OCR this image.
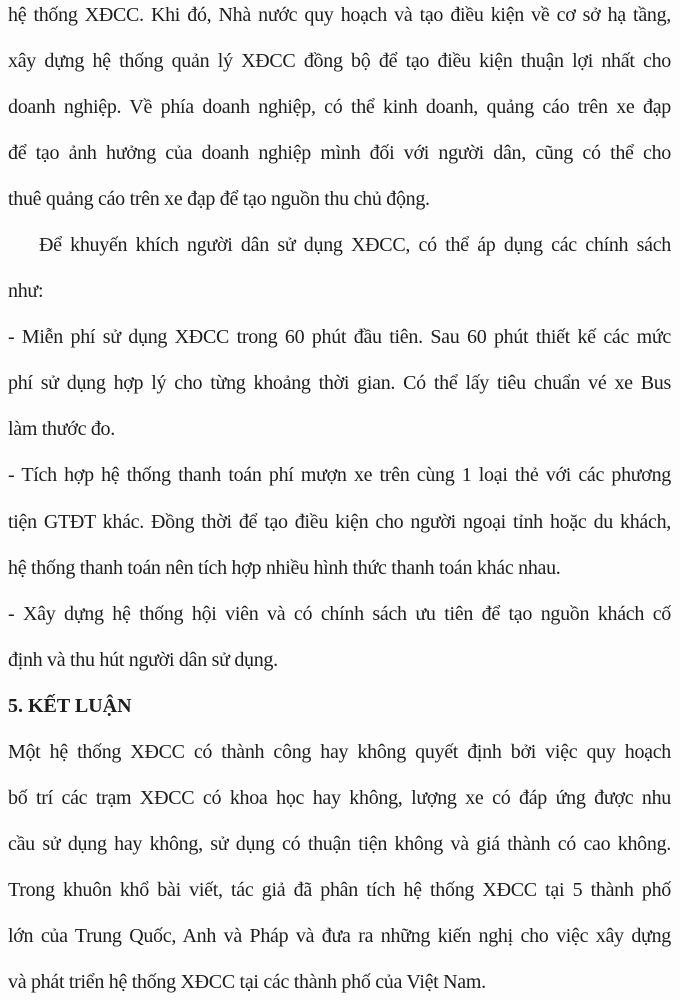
hệ thống XĐCC. Khi đó, Nhà nước quy hoạch và tạo điều kiện về cơ sở hạ tầng,
xây dựng hệ thống quản lý XĐCC đồng bộ để tạo điều kiện thuận lợi nhất cho
doanh nghiệp. Về phía doanh nghiệp, có thể kinh doanh, quảng cáo trên xe đạp
để tạo ảnh hưởng của doanh nghiệp mình đối với người dân, cũng có thể cho
thuê quảng cáo trên xe đạp để tạo nguồn thu chủ động.
Để khuyến khích người dân sử dụng XĐCC, có thể áp dụng các chính sách
như:
- Miễn phí sử dụng XĐCC trong 60 phút đầu tiên. Sau 60 phút thiết kế các mức
phí sử dụng hợp lý cho từng khoảng thời gian. Có thể lấy tiêu chuẩn vé xe Bus
làm thước đo.
- Tích hợp hệ thống thanh toán phí mượn xe trên cùng 1 loại thẻ với các phương
tiện GTĐT khác. Đồng thời để tạo điều kiện cho người ngoại tỉnh hoặc du khách,
hệ thống thanh toán nên tích hợp nhiều hình thức thanh toán khác nhau.
- Xây dựng hệ thống hội viên và có chính sách ưu tiên để tạo nguồn khách cố
định và thu hút người dân sử dụng.
5. KẾT LUẬN
Một hệ thống XĐCC có thành công hay không quyết định bởi việc quy hoạch
bố trí các trạm XĐCC có khoa học hay không, lượng xe có đáp ứng được nhu
cầu sử dụng hay không, sử dụng có thuận tiện không và giá thành có cao không.
Trong khuôn khổ bài viết, tác giả đã phân tích hệ thống XĐCC tại 5 thành phố
lớn của Trung Quốc, Anh và Pháp và đưa ra những kiến nghị cho việc xây dựng
và phát triển hệ thống XĐCC tại các thành phố của Việt Nam.
